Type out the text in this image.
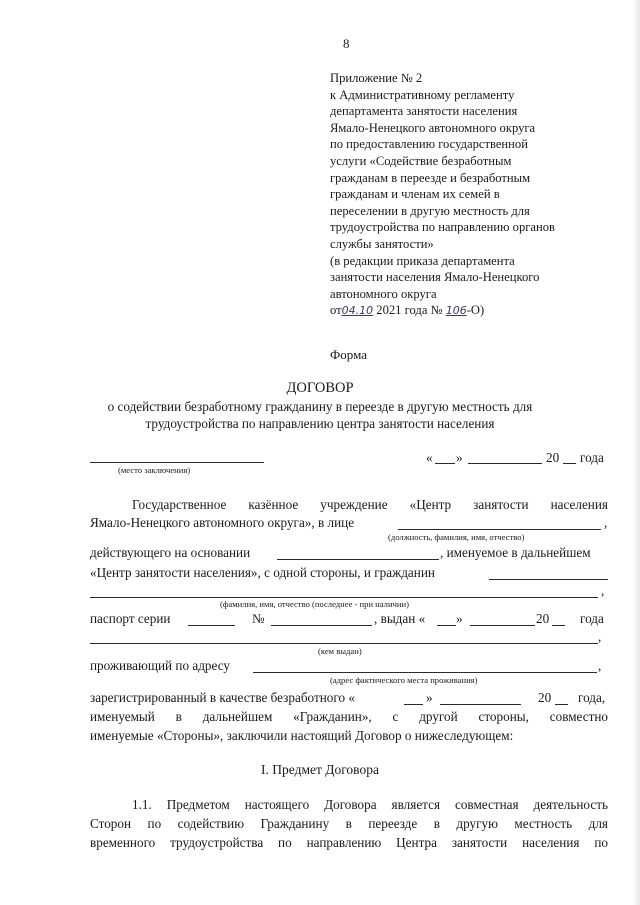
8
Приложение № 2
к Административному регламенту
департамента занятости населения
Ямало-Ненецкого автономного округа
по предоставлению государственной
услуги «Содействие безработным
гражданам в переезде и безработным
гражданам и членам их семей в
переселении в другую местность для
трудоустройства по направлению органов
службы занятости»
(в редакции приказа департамента
занятости населения Ямало-Ненецкого
автономного округа
от04.10 2021 года № 106-О)
Форма
ДОГОВОР
о содействии безработному гражданину в переезде в другую местность для
трудоустройства по направлению центра занятости населения
(место заключения)
« »	20 года
Государственное казённое учреждение «Центр занятости населения
Ямало-Ненецкого автономного округа», в лице	,
(должность, фамилия, имя, отчество)
действующего на основании	, именуемое в дальнейшем
«Центр занятости населения», с одной стороны, и гражданин
,
(фамилия, имя, отчество (последнее - при наличии)
паспорт серии	№	, выдан « »	20 года
,
(кем выдан)
проживающий по адресу	,
(адрес фактического места проживания)
зарегистрированный в качестве безработного «	»	20 года,
именуемый в дальнейшем «Гражданин», с другой стороны, совместно
именуемые «Стороны», заключили настоящий Договор о нижеследующем:
I. Предмет Договора
1.1. Предметом настоящего Договора является совместная деятельность
Сторон по содействию Гражданину в переезде в другую местность для
временного трудоустройства по направлению Центра занятости населения по
